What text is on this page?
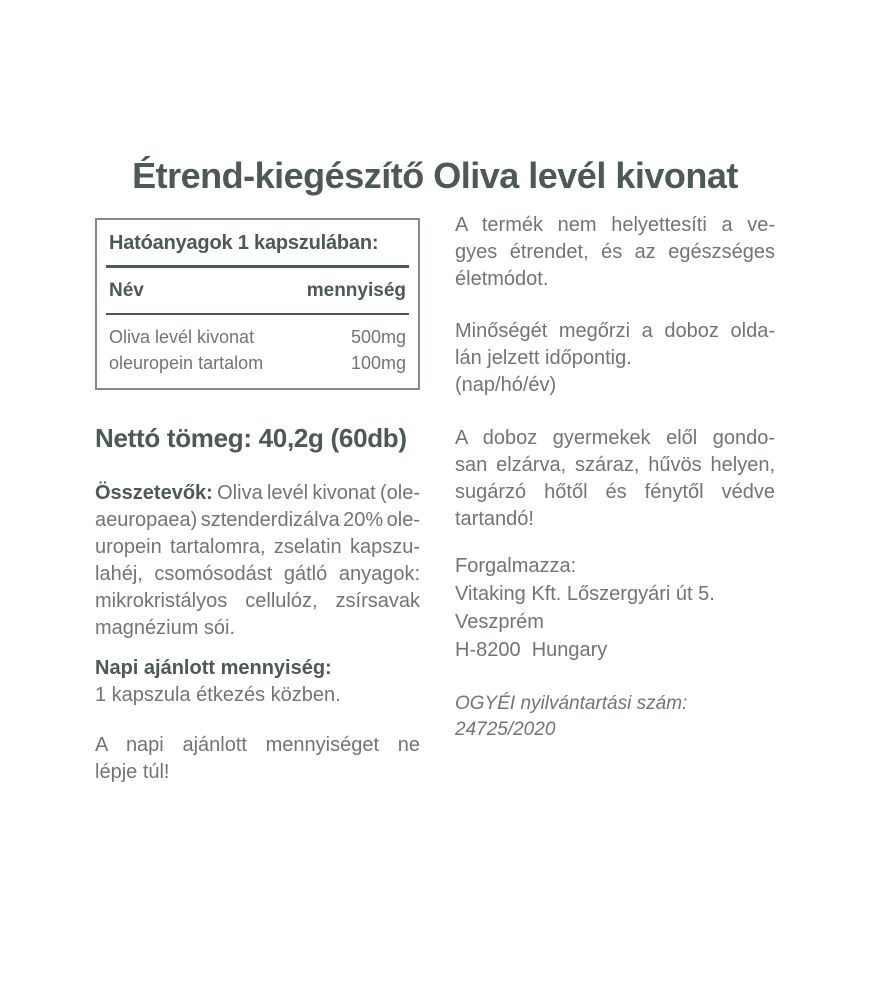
Étrend-kiegészítő Oliva levél kivonat
Hatóanyagok 1 kapszulában:
Név	mennyiség
Oliva levél kivonat	500mg
oleuropein tartalom	100mg
Nettó tömeg: 40,2g (60db)
Összetevők: Oliva levél kivonat (ole-
aeuropaea) sztenderdizálva 20% ole-
uropein tartalomra, zselatin kapszu-
lahéj, csomósodást gátló anyagok:
mikrokristályos cellulóz, zsírsavak
magnézium sói.
Napi ajánlott mennyiség:
1 kapszula étkezés közben.
A napi ajánlott mennyiséget ne
lépje túl!
A termék nem helyettesíti a ve-
gyes étrendet, és az egészséges
életmódot.
Minőségét megőrzi a doboz olda-
lán jelzett időpontig.
(nap/hó/év)
A doboz gyermekek elől gondo-
san elzárva, száraz, hűvös helyen,
sugárzó hőtől és fénytől védve
tartandó!
Forgalmazza:
Vitaking Kft. Lőszergyári út 5.
Veszprém
H-8200  Hungary
OGYÉI nyilvántartási szám:
24725/2020
